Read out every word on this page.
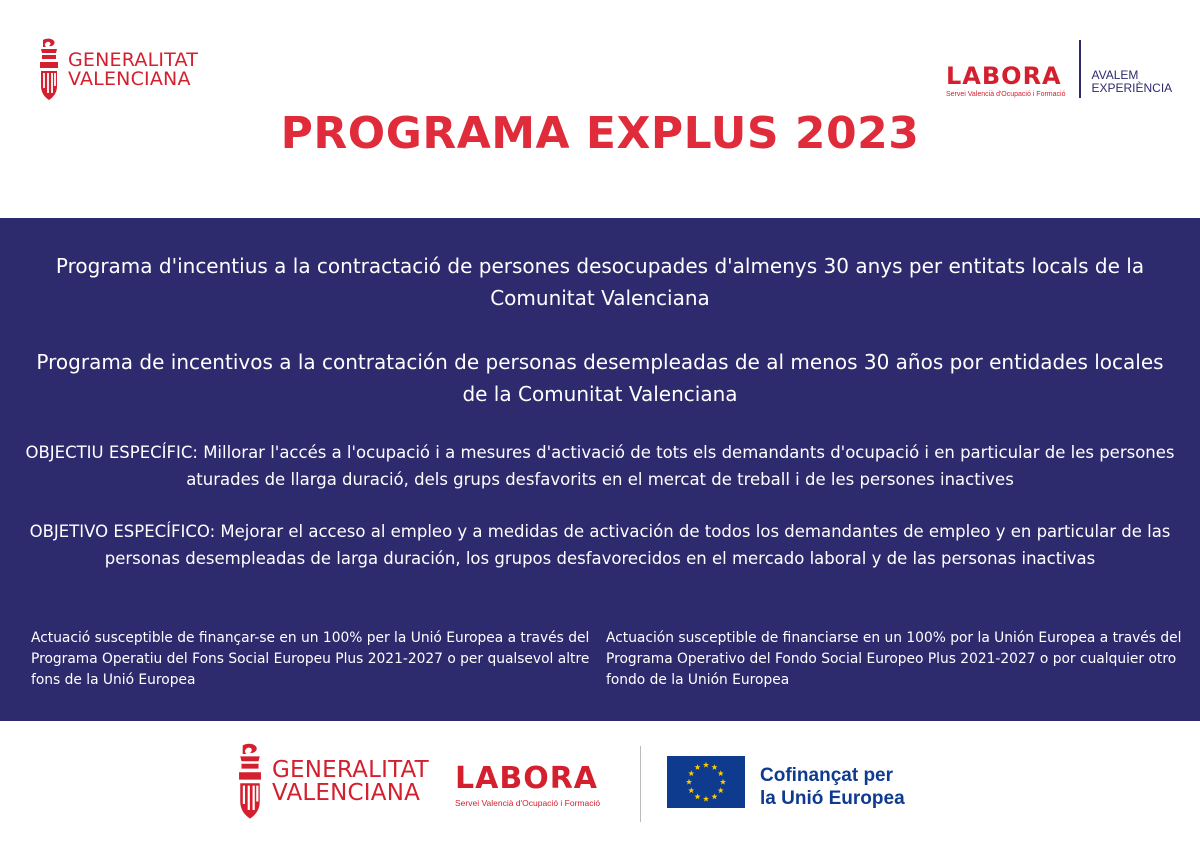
GENERALITAT
VALENCIANA	LABORA
Servei Valencià d'Ocupació i Formació
AVALEM
EXPERIÈNCIA
PROGRAMA EXPLUS 2023

Programa d'incentius a la contractació de persones desocupades d'almenys 30 anys per entitats locals de la Comunitat Valenciana

Programa de incentivos a la contratación de personas desempleadas de al menos 30 años por entidades locales de la Comunitat Valenciana

OBJECTIU ESPECÍFIC: Millorar l'accés a l'ocupació i a mesures d'activació de tots els demandants d'ocupació i en particular de les persones aturades de llarga duració, dels grups desfavorits en el mercat de treball i de les persones inactives

OBJETIVO ESPECÍFICO: Mejorar el acceso al empleo y a medidas de activación de todos los demandantes de empleo y en particular de las personas desempleadas de larga duración, los grupos desfavorecidos en el mercado laboral y de las personas inactivas

Actuació susceptible de finançar-se en un 100% per la Unió Europea a través del Programa Operatiu del Fons Social Europeu Plus 2021-2027 o per qualsevol altre fons de la Unió Europea

Actuación susceptible de financiarse en un 100% por la Unión Europea a través del Programa Operativo del Fondo Social Europeo Plus 2021-2027 o por cualquier otro fondo de la Unión Europea

GENERALITAT
VALENCIANA LABORA
Servei Valencià d'Ocupació i Formació
Cofinançat per
la Unió Europea
